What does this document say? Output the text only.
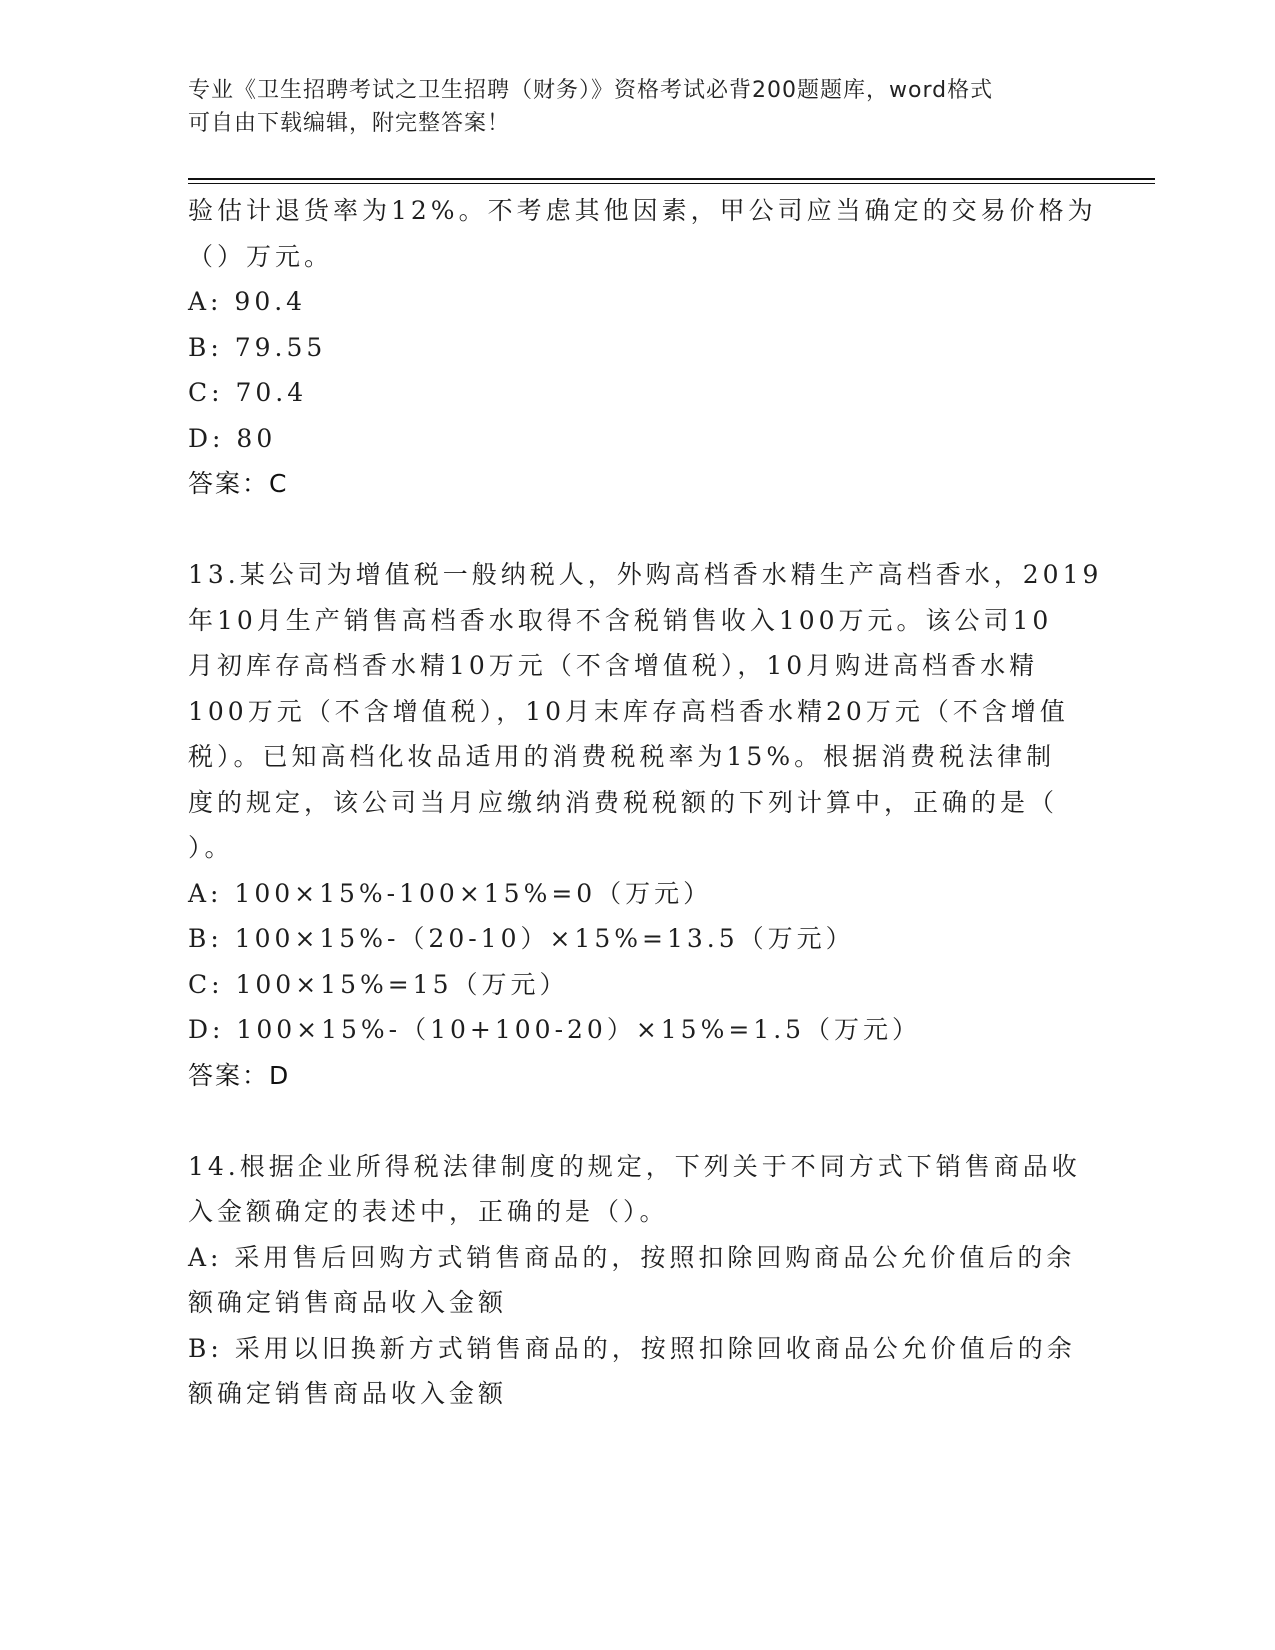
专业《卫生招聘考试之卫生招聘（财务）》资格考试必背200题题库，word格式
可自由下载编辑，附完整答案！
验估计退货率为12%。不考虑其他因素，甲公司应当确定的交易价格为
（）万元。
A: 90.4
B: 79.55
C: 70.4
D: 80
答案：C
13.某公司为增值税一般纳税人，外购高档香水精生产高档香水，2019
年10月生产销售高档香水取得不含税销售收入100万元。该公司10
月初库存高档香水精10万元（不含增值税），10月购进高档香水精
100万元（不含增值税），10月末库存高档香水精20万元（不含增值
税）。已知高档化妆品适用的消费税税率为15%。根据消费税法律制
度的规定，该公司当月应缴纳消费税税额的下列计算中，正确的是（
）。
A: 100×15%-100×15%=0（万元）
B: 100×15%-（20-10）×15%=13.5（万元）
C: 100×15%=15（万元）
D: 100×15%-（10+100-20）×15%=1.5（万元）
答案：D
14.根据企业所得税法律制度的规定，下列关于不同方式下销售商品收
入金额确定的表述中，正确的是（）。
A: 采用售后回购方式销售商品的，按照扣除回购商品公允价值后的余
额确定销售商品收入金额
B: 采用以旧换新方式销售商品的，按照扣除回收商品公允价值后的余
额确定销售商品收入金额
